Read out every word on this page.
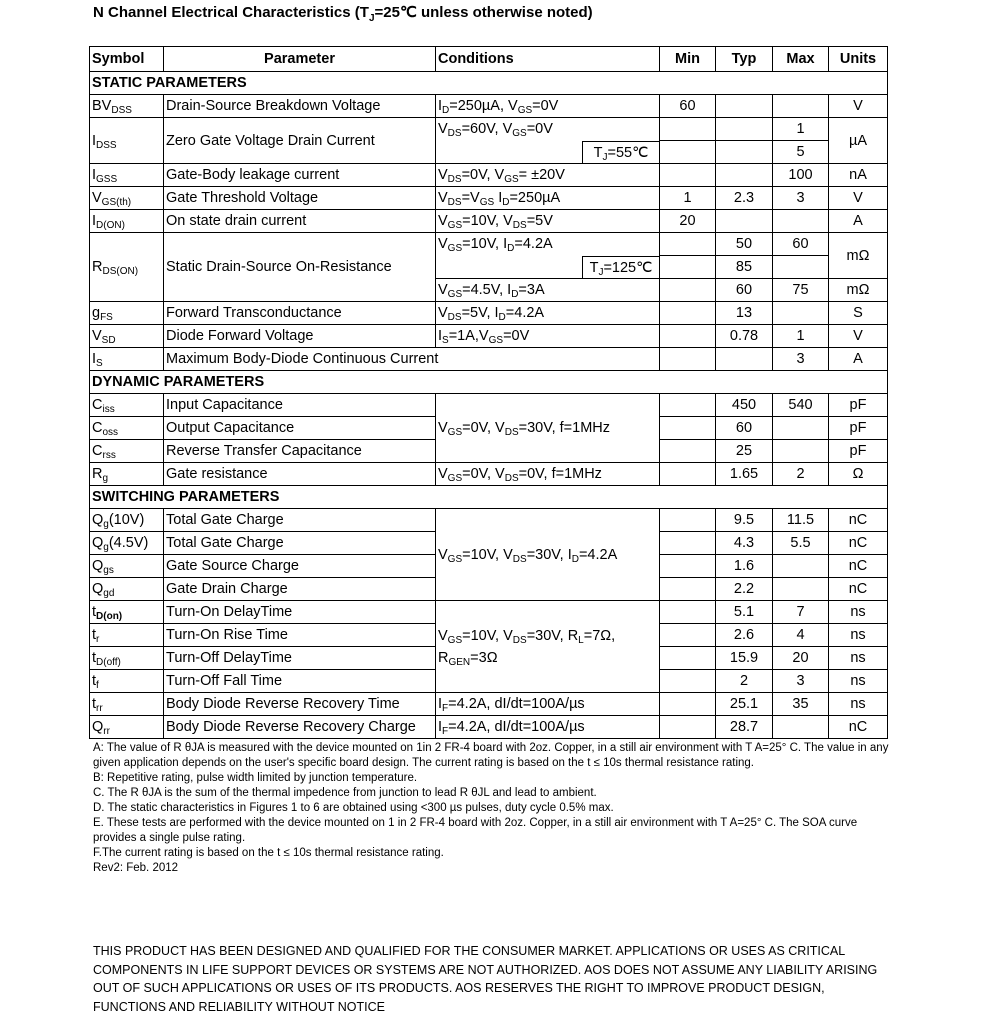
N Channel Electrical Characteristics ($T_J=25℃$ unless otherwise noted)
Symbol	Parameter	Conditions	Min	Typ	Max	Units
STATIC PARAMETERS						
$BV_{DSS}$	Drain-Source Breakdown Voltage	$I_D=250\mu A$, $V_{GS}=0V$	60			V
$I_{DSS}$	Zero Gate Voltage Drain Current	$V_{DS}=60V$, $V_{GS}=0V$			1	µA

		$T_J=55℃$			5	
$I_{GSS}$	Gate-Body leakage current	$V_{DS}=0V$, $V_{GS}= \pm 20V$			100	nA
$V_{GS(th)}$	Gate Threshold Voltage	$V_{DS}=V_{GS}$ $I_D=250\mu A$	1	2.3	3	V
$I_{D(ON)}$	On state drain current	$V_{GS}=10V$, $V_{DS}=5V$	20			A
$R_{DS(ON)}$	Static Drain-Source On-Resistance	$V_{GS}=10V$, $I_D=4.2A$		50	60	mΩ

		$T_J=125℃$		85		
		$V_{GS}=4.5V$, $I_D=3A$		60	75	mΩ
$g_{FS}$	Forward Transconductance	$V_{DS}=5V$, $I_D=4.2A$		13		S
$V_{SD}$	Diode Forward Voltage	$I_S=1A,V_{GS}=0V$		0.78	1	V
$I_S$	Maximum Body-Diode Continuous Current				3	A
DYNAMIC PARAMETERS						
$C_{iss}$	Input Capacitance	$V_{GS}=0V$, $V_{DS}=30V$, f=1MHz		450	540	pF
$C_{oss}$	Output Capacitance			60		pF
$C_{rss}$	Reverse Transfer Capacitance			25		pF
$R_g$	Gate resistance	$V_{GS}=0V$, $V_{DS}=0V$, f=1MHz		1.65	2	Ω
SWITCHING PARAMETERS						
$Q_g(10V)$	Total Gate Charge	$V_{GS}=10V$, $V_{DS}=30V$, $I_D=4.2A$		9.5	11.5	nC
$Q_g(4.5V)$	Total Gate Charge			4.3	5.5	nC
$Q_{gs}$	Gate Source Charge			1.6		nC
$Q_{gd}$	Gate Drain Charge			2.2		nC
$t_{D(on)}$	Turn-On DelayTime	$V_{GS}=10V$, $V_{DS}=30V$, $R_L=7\Omega$,
$R_{GEN}=3\Omega$		5.1	7	ns
$t_r$	Turn-On Rise Time			2.6	4	ns
$t_{D(off)}$	Turn-Off DelayTime			15.9	20	ns
$t_f$	Turn-Off Fall Time			2	3	ns
$t_{rr}$	Body Diode Reverse Recovery Time	$I_F=4.2A$, dI/dt=100A/µs		25.1	35	ns
$Q_{rr}$	Body Diode Reverse Recovery Charge	$I_F=4.2A$, dI/dt=100A/µs		28.7		nC

A: The value of R θJA is measured with the device mounted on 1in 2 FR-4 board with 2oz. Copper, in a still air environment with T A=25° C. The value in any given application depends on the user's specific board design. The current rating is based on the t ≤ 10s thermal resistance rating.

B: Repetitive rating, pulse width limited by junction temperature.

C. The R θJA is the sum of the thermal impedence from junction to lead R θJL and lead to ambient.

D. The static characteristics in Figures 1 to 6 are obtained using <300 µs pulses, duty cycle 0.5% max.

E. These tests are performed with the device mounted on 1 in 2 FR-4 board with 2oz. Copper, in a still air environment with T A=25° C. The SOA curve provides a single pulse rating.

F.The current rating is based on the t ≤ 10s thermal resistance rating.

Rev2: Feb. 2012

THIS PRODUCT HAS BEEN DESIGNED AND QUALIFIED FOR THE CONSUMER MARKET. APPLICATIONS OR USES AS CRITICAL

COMPONENTS IN LIFE SUPPORT DEVICES OR SYSTEMS ARE NOT AUTHORIZED. AOS DOES NOT ASSUME ANY LIABILITY ARISING

OUT OF SUCH APPLICATIONS OR USES OF ITS PRODUCTS. AOS RESERVES THE RIGHT TO IMPROVE PRODUCT DESIGN,

FUNCTIONS AND RELIABILITY WITHOUT NOTICE
